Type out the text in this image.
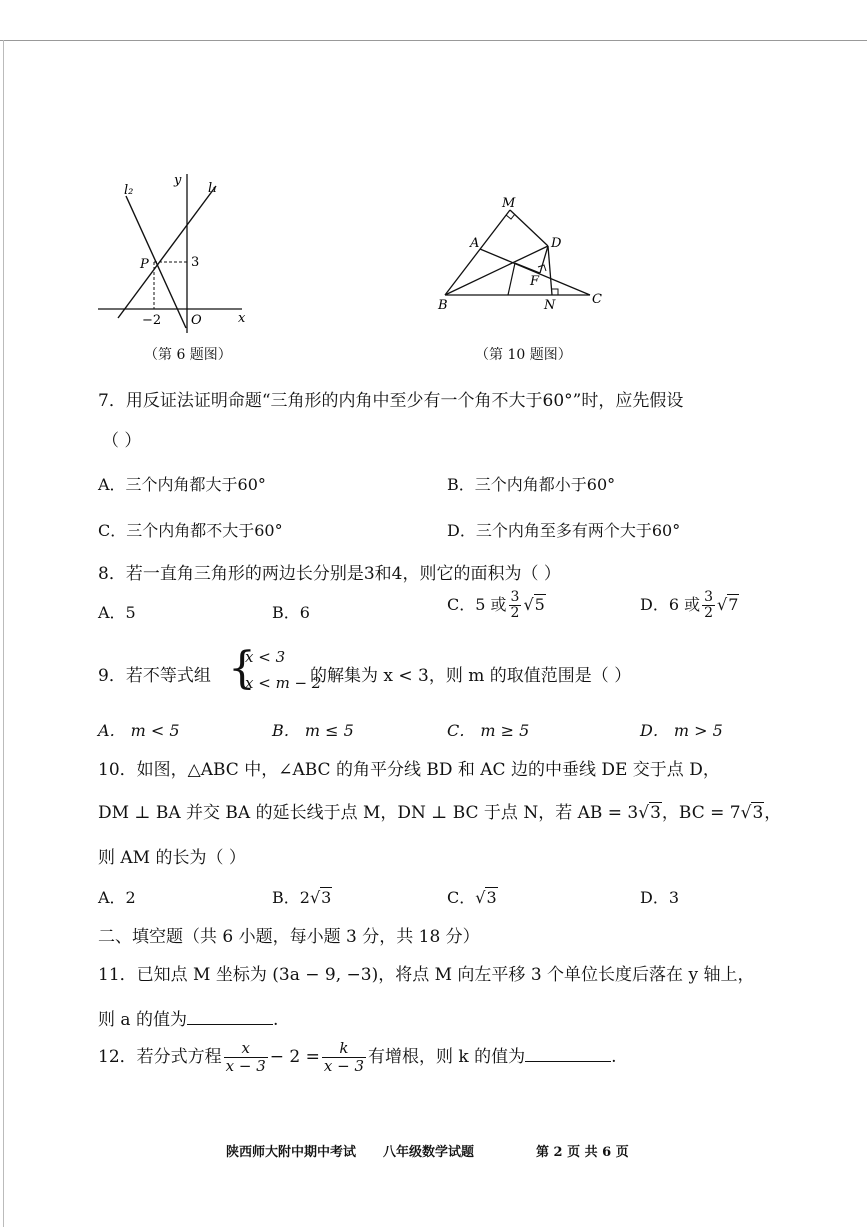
y
x
l₁
l₂
P	3
−2 O
（第 6 题图）
M
A	D
F
B	N	C
（第 10 题图）
7．用反证法证明命题“三角形的内角中至少有一个角不大于60°”时，应先假设
（ ）
A．三个内角都大于60°	B．三个内角都小于60°
C．三个内角都不大于60°	D．三个内角至多有两个大于60°
8．若一直角三角形的两边长分别是3和4，则它的面积为（ ）
A．5	B．6	C．5 或 $\frac{3}{2} √5$	D．6 或 $\frac{3}{2} √7$
9．若不等式组 {
x < 3
x < m − 2
的解集为 x < 3，则 m 的取值范围是（ ）
A． m < 5	B． m ≤ 5	C． m ≥ 5	D． m > 5
10．如图，△ABC 中，∠ABC 的角平分线 BD 和 AC 边的中垂线 DE 交于点 D，
DM ⊥ BA 并交 BA 的延长线于点 M，DN ⊥ BC 于点 N，若 AB = 3√3，BC = 7√3，
则 AM 的长为（ ）
A．2	B．2√3	C．√3	D．3
二、填空题（共 6 小题，每小题 3 分，共 18 分）
11．已知点 M 坐标为 (3a − 9, −3)，将点 M 向左平移 3 个单位长度后落在 y 轴上，
则 a 的值为	.
12．若分式方程 $\frac{x}{x - 3} - 2 = \frac{k}{x - 3}$ 有增根，则 k 的值为	.
陕西师大附中期中考试 八年级数学试题	第 2 页 共 6 页
